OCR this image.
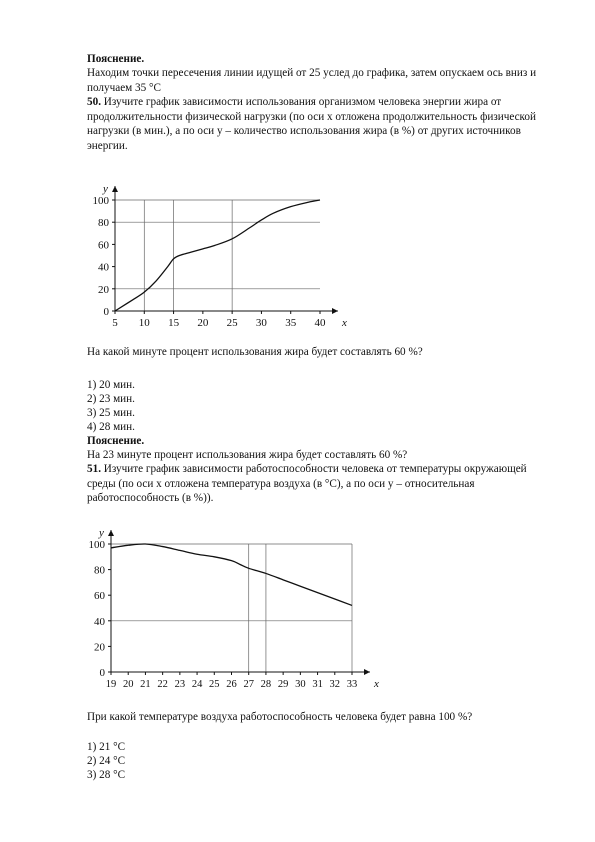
Пояснение.
Находим точки пересечения линии идущей от 25 услед до графика, затем опускаем ось вниз и получаем 35 °С
50. Изучите график зависимости использования организмом человека энергии жира от продолжительности физической нагрузки (по оси х отложена продолжительность физической нагрузки (в мин.), а по оси у – количество использования жира (в %) от других источников энергии.
0
20
40
60
80
100
5 10 15 20 25 30 35 40 x
y
На какой минуте процент использования жира будет составлять 60 %?
1) 20 мин.
2) 23 мин.
3) 25 мин.
4) 28 мин.
Пояснение.
На 23 минуте процент использования жира будет составлять 60 %?
51. Изучите график зависимости работоспособности человека от температуры окружающей среды (по оси х отложена температура воздуха (в °С), а по оси у – относительная работоспособность (в %)).
0
20
40
60
80
100
19 20 21 22 23 24 25 26 27 28 29 30 31 32 33 x
y
При какой температуре воздуха работоспособность человека будет равна 100 %?
1) 21 °С
2) 24 °С
3) 28 °С
